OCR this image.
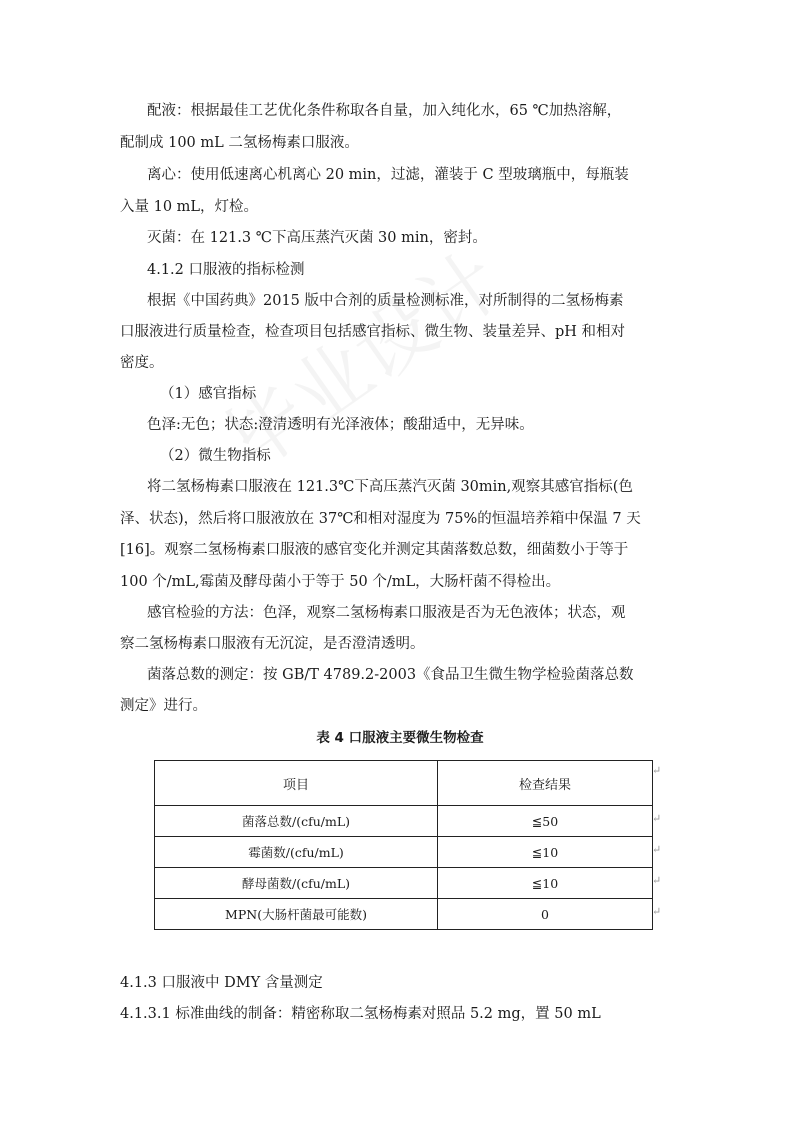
配液：根据最佳工艺优化条件称取各自量，加入纯化水，65 ℃加热溶解，
配制成 100 mL 二氢杨梅素口服液。
离心：使用低速离心机离心 20 min，过滤，灌装于 C 型玻璃瓶中，每瓶装
入量 10 mL，灯检。
灭菌：在 121.3 ℃下高压蒸汽灭菌 30 min，密封。
4.1.2 口服液的指标检测
根据《中国药典》2015 版中合剂的质量检测标准，对所制得的二氢杨梅素
口服液进行质量检查，检查项目包括感官指标、微生物、装量差异、pH 和相对
密度。
（1）感官指标
色泽:无色；状态:澄清透明有光泽液体；酸甜适中，无异味。
（2）微生物指标
将二氢杨梅素口服液在 121.3℃下高压蒸汽灭菌 30min,观察其感官指标(色
泽、状态)，然后将口服液放在 37℃和相对湿度为 75%的恒温培养箱中保温 7 天
[16]。观察二氢杨梅素口服液的感官变化并测定其菌落数总数，细菌数小于等于
100 个/mL,霉菌及酵母菌小于等于 50 个/mL，大肠杆菌不得检出。
感官检验的方法：色泽，观察二氢杨梅素口服液是否为无色液体；状态，观
察二氢杨梅素口服液有无沉淀，是否澄清透明。
菌落总数的测定：按 GB/T 4789.2-2003《食品卫生微生物学检验菌落总数
测定》进行。
表 4 口服液主要微生物检查
项目	检查结果
菌落总数/(cfu/mL)	≦50
霉菌数/(cfu/mL)	≦10
酵母菌数/(cfu/mL)	≦10
MPN(大肠杆菌最可能数)	0
↵
↵
↵
↵
↵
4.1.3 口服液中 DMY 含量测定
4.1.3.1 标准曲线的制备：精密称取二氢杨梅素对照品 5.2 mg，置 50 mL
